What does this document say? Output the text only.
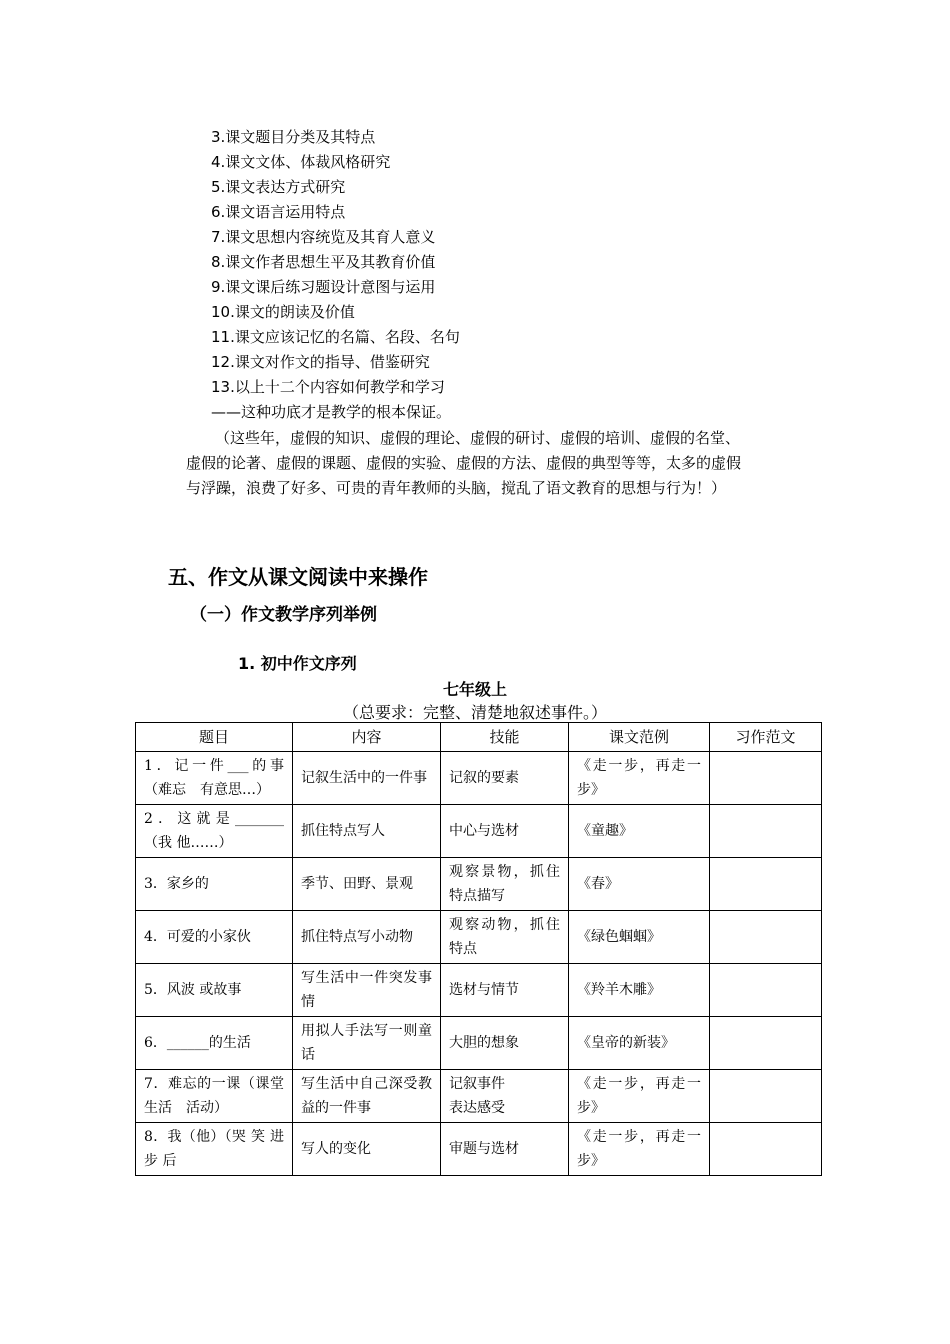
3.课文题目分类及其特点
4.课文文体、体裁风格研究
5.课文表达方式研究
6.课文语言运用特点
7.课文思想内容统览及其育人意义
8.课文作者思想生平及其教育价值
9.课文课后练习题设计意图与运用
10.课文的朗读及价值
11.课文应该记忆的名篇、名段、名句
12.课文对作文的指导、借鉴研究
13.以上十二个内容如何教学和学习
——这种功底才是教学的根本保证。
（这些年，虚假的知识、虚假的理论、虚假的研讨、虚假的培训、虚假的名堂、
虚假的论著、虚假的课题、虚假的实验、虚假的方法、虚假的典型等等，太多的虚假
与浮躁，浪费了好多、可贵的青年教师的头脑，搅乱了语文教育的思想与行为！）
五、作文从课文阅读中来操作
（一）作文教学序列举例
1. 初中作文序列
七年级上
（总要求：完整、清楚地叙述事件。）
题目	内容	技能	课文范例	习作范文
1．记一件___的事（难忘　有意思…）	记叙生活中的一件事	记叙的要素	《走一步，再走一步》	
2．这就是_______（我 他……）	抓住特点写人	中心与选材	《童趣》	
3．家乡的	季节、田野、景观	观察景物，抓住特点描写	《春》	
4．可爱的小家伙	抓住特点写小动物	观察动物，抓住特点	《绿色蝈蝈》	
5．风波 或故事	写生活中一件突发事情	选材与情节	《羚羊木雕》	
6．______的生活	用拟人手法写一则童话	大胆的想象	《皇帝的新装》	
7．难忘的一课（课堂　生活　活动）	写生活中自己深受教益的一件事	记叙事件
表达感受	《走一步，再走一步》	
8．我（他）（哭 笑 进步 后	写人的变化	审题与选材	《走一步，再走一步》	
